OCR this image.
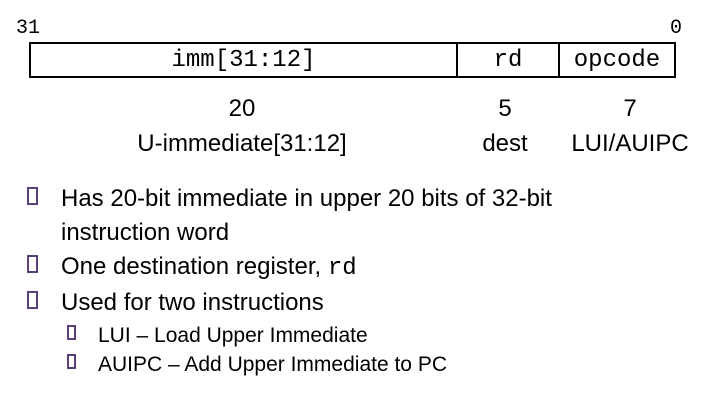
31	0
imm[31:12]	rd	opcode
20	5	7
U-immediate[31:12]	dest	LUI/AUIPC
Has 20-bit immediate in upper 20 bits of 32-bit
instruction word
One destination register, rd
Used for two instructions
LUI – Load Upper Immediate
AUIPC – Add Upper Immediate to PC
